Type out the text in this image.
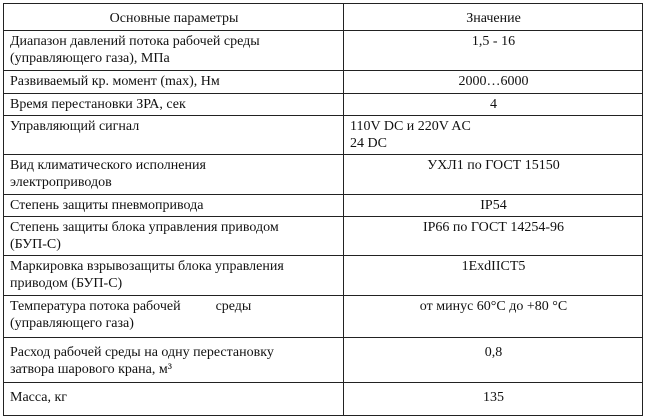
Основные параметры	Значение

Диапазон давлений потока рабочей среды
(управляющего газа), МПа	1,5 - 16

Развиваемый кр. момент (max), Нм	2000…6000

Время перестановки ЗРА, сек	4

Управляющий сигнал	110V DC и 220V AC
24 DC

Вид климатического исполнения
электроприводов	УХЛ1 по ГОСТ 15150

Степень защиты пневмопривода	IP54

Степень защиты блока управления приводом
(БУП-С)	IP66 по ГОСТ 14254-96

Маркировка взрывозащиты блока управления
приводом (БУП-С)	1ExdIICT5

Температура потока рабочей          среды
(управляющего газа)	от минус 60°С до +80 °С

Расход рабочей среды на одну перестановку
затвора шарового крана, м³	0,8

Масса, кг	135
